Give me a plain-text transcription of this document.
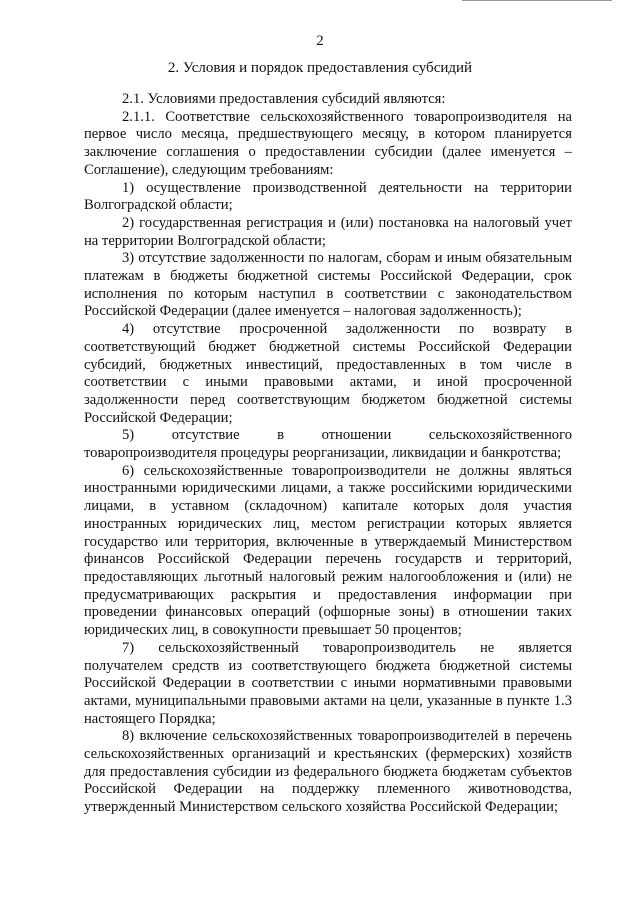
2
2. Условия и порядок предоставления субсидий

2.1. Условиями предоставления субсидий являются:

2.1.1. Соответствие сельскохозяйственного товаропроизводителя на первое число месяца, предшествующего месяцу, в котором планируется заключение соглашения о предоставлении субсидии (далее именуется – Соглашение), следующим требованиям:

1) осуществление производственной деятельности на территории Волгоградской области;

2) государственная регистрация и (или) постановка на налоговый учет на территории Волгоградской области;

3) отсутствие задолженности по налогам, сборам и иным обязательным платежам в бюджеты бюджетной системы Российской Федерации, срок исполнения по которым наступил в соответствии с законодательством Российской Федерации (далее именуется – налоговая задолженность);

4) отсутствие просроченной задолженности по возврату в соответствующий бюджет бюджетной системы Российской Федерации субсидий, бюджетных инвестиций, предоставленных в том числе в соответствии с иными правовыми актами, и иной просроченной задолженности перед соответствующим бюджетом бюджетной системы Российской Федерации;

5) отсутствие в отношении сельскохозяйственного товаропроизводителя процедуры реорганизации, ликвидации и банкротства;

6) сельскохозяйственные товаропроизводители не должны являться иностранными юридическими лицами, а также российскими юридическими лицами, в уставном (складочном) капитале которых доля участия иностранных юридических лиц, местом регистрации которых является государство или территория, включенные в утверждаемый Министерством финансов Российской Федерации перечень государств и территорий, предоставляющих льготный налоговый режим налогообложения и (или) не предусматривающих раскрытия и предоставления информации при проведении финансовых операций (офшорные зоны) в отношении таких юридических лиц, в совокупности превышает 50 процентов;

7) сельскохозяйственный товаропроизводитель не является получателем средств из соответствующего бюджета бюджетной системы Российской Федерации в соответствии с иными нормативными правовыми актами, муниципальными правовыми актами на цели, указанные в пункте 1.3 настоящего Порядка;

8) включение сельскохозяйственных товаропроизводителей в перечень сельскохозяйственных организаций и крестьянских (фермерских) хозяйств для предоставления субсидии из федерального бюджета бюджетам субъектов Российской Федерации на поддержку племенного животноводства, утвержденный Министерством сельского хозяйства Российской Федерации;
